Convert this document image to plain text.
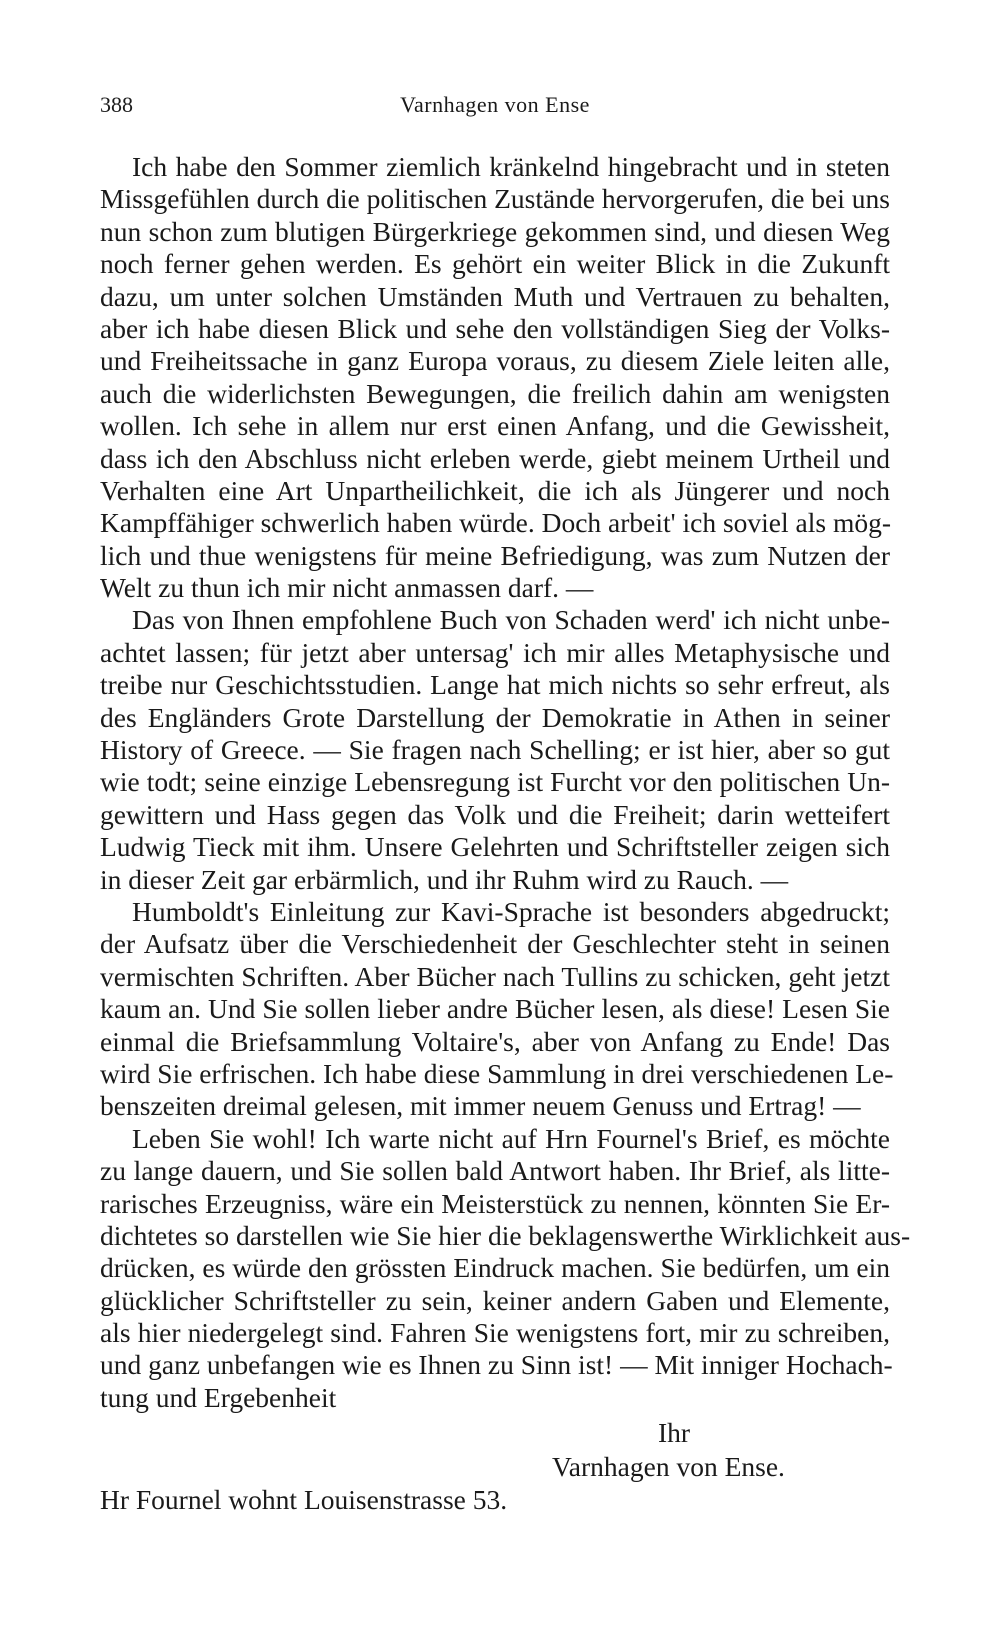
388	Varnhagen von Ense
Ich habe den Sommer ziemlich kränkelnd hingebracht und in steten
Missgefühlen durch die politischen Zustände hervorgerufen, die bei uns
nun schon zum blutigen Bürgerkriege gekommen sind, und diesen Weg
noch ferner gehen werden. Es gehört ein weiter Blick in die Zukunft
dazu, um unter solchen Umständen Muth und Vertrauen zu behalten,
aber ich habe diesen Blick und sehe den vollständigen Sieg der Volks-
und Freiheitssache in ganz Europa voraus, zu diesem Ziele leiten alle,
auch die widerlichsten Bewegungen, die freilich dahin am wenigsten
wollen. Ich sehe in allem nur erst einen Anfang, und die Gewissheit,
dass ich den Abschluss nicht erleben werde, giebt meinem Urtheil und
Verhalten eine Art Unpartheilichkeit, die ich als Jüngerer und noch
Kampffähiger schwerlich haben würde. Doch arbeit' ich soviel als mög-
lich und thue wenigstens für meine Befriedigung, was zum Nutzen der
Welt zu thun ich mir nicht anmassen darf. —
Das von Ihnen empfohlene Buch von Schaden werd' ich nicht unbe-
achtet lassen; für jetzt aber untersag' ich mir alles Metaphysische und
treibe nur Geschichtsstudien. Lange hat mich nichts so sehr erfreut, als
des Engländers Grote Darstellung der Demokratie in Athen in seiner
History of Greece. — Sie fragen nach Schelling; er ist hier, aber so gut
wie todt; seine einzige Lebensregung ist Furcht vor den politischen Un-
gewittern und Hass gegen das Volk und die Freiheit; darin wetteifert
Ludwig Tieck mit ihm. Unsere Gelehrten und Schriftsteller zeigen sich
in dieser Zeit gar erbärmlich, und ihr Ruhm wird zu Rauch. —
Humboldt's Einleitung zur Kavi-Sprache ist besonders abgedruckt;
der Aufsatz über die Verschiedenheit der Geschlechter steht in seinen
vermischten Schriften. Aber Bücher nach Tullins zu schicken, geht jetzt
kaum an. Und Sie sollen lieber andre Bücher lesen, als diese! Lesen Sie
einmal die Briefsammlung Voltaire's, aber von Anfang zu Ende! Das
wird Sie erfrischen. Ich habe diese Sammlung in drei verschiedenen Le-
benszeiten dreimal gelesen, mit immer neuem Genuss und Ertrag! —
Leben Sie wohl! Ich warte nicht auf Hrn Fournel's Brief, es möchte
zu lange dauern, und Sie sollen bald Antwort haben. Ihr Brief, als litte-
rarisches Erzeugniss, wäre ein Meisterstück zu nennen, könnten Sie Er-
dichtetes so darstellen wie Sie hier die beklagenswerthe Wirklichkeit aus-
drücken, es würde den grössten Eindruck machen. Sie bedürfen, um ein
glücklicher Schriftsteller zu sein, keiner andern Gaben und Elemente,
als hier niedergelegt sind. Fahren Sie wenigstens fort, mir zu schreiben,
und ganz unbefangen wie es Ihnen zu Sinn ist! — Mit inniger Hochach-
tung und Ergebenheit
Ihr
Varnhagen von Ense.
Hr Fournel wohnt Louisenstrasse 53.
